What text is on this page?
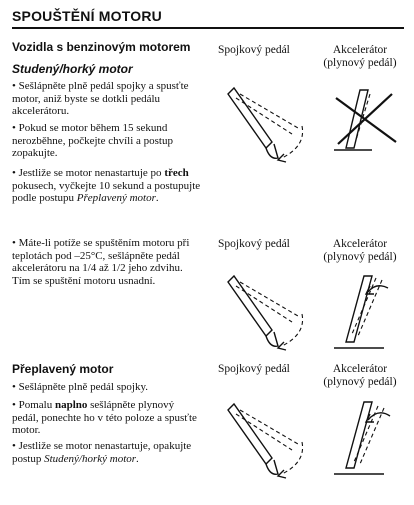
SPOUŠTĚNÍ MOTORU
Vozidla s benzinovým motorem
Studený/horký motor

• Sešlápněte plně pedál spojky a spusťte motor, aniž byste se dotkli pedálu akcelerátoru.

• Pokud se motor během 15 sekund nerozběhne, počkejte chvíli a postup zopakujte.

• Jestliže se motor nenastartuje po třech pokusech, vyčkejte 10 sekund a postupujte podle postupu Přeplavený motor.

• Máte-li potíže se spuštěním motoru při teplotách pod –25°C, sešlápněte pedál akcelerátoru na 1/4 až 1/2 jeho zdvihu. Tím se spuštění motoru usnadní.

Přeplavený motor

• Sešlápněte plně pedál spojky.

• Pomalu naplno sešlápněte plynový pedál, ponechte ho v této poloze a spusťte motor.

• Jestliže se motor nenastartuje, opakujte postup Studený/horký motor.

Spojkový pedál	Akcelerátor
(plynový pedál)
Spojkový pedál	Akcelerátor
(plynový pedál)
Spojkový pedál	Akcelerátor
(plynový pedál)
